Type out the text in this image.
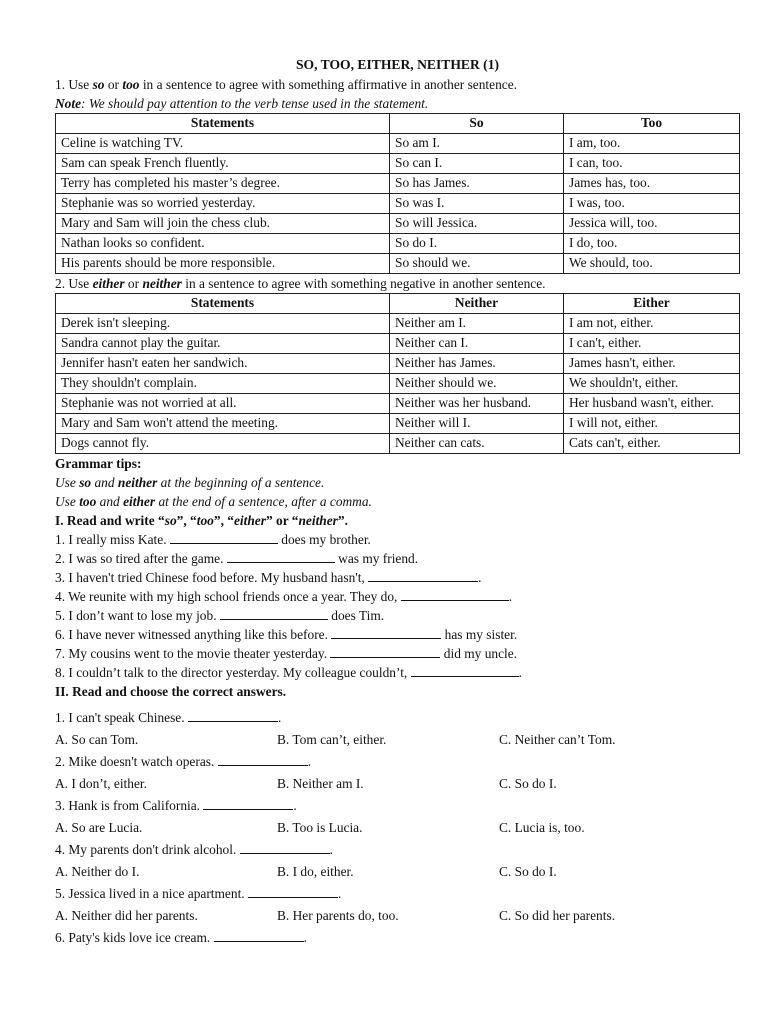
SO, TOO, EITHER, NEITHER (1)

1. Use so or too in a sentence to agree with something affirmative in another sentence.

Note: We should pay attention to the verb tense used in the statement.

Statements	So	Too
Celine is watching TV.	So am I.	I am, too.
Sam can speak French fluently.	So can I.	I can, too.
Terry has completed his master’s degree.	So has James.	James has, too.
Stephanie was so worried yesterday.	So was I.	I was, too.
Mary and Sam will join the chess club.	So will Jessica.	Jessica will, too.
Nathan looks so confident.	So do I.	I do, too.
His parents should be more responsible.	So should we.	We should, too.

2. Use either or neither in a sentence to agree with something negative in another sentence.

Statements	Neither	Either
Derek isn't sleeping.	Neither am I.	I am not, either.
Sandra cannot play the guitar.	Neither can I.	I can't, either.
Jennifer hasn't eaten her sandwich.	Neither has James.	James hasn't, either.
They shouldn't complain.	Neither should we.	We shouldn't, either.
Stephanie was not worried at all.	Neither was her husband.	Her husband wasn't, either.
Mary and Sam won't attend the meeting.	Neither will I.	I will not, either.
Dogs cannot fly.	Neither can cats.	Cats can't, either.

Grammar tips:

Use so and neither at the beginning of a sentence.

Use too and either at the end of a sentence, after a comma.

I. Read and write “so”, “too”, “either” or “neither”.

1. I really miss Kate.	does my brother.

2. I was so tired after the game.	was my friend.

3. I haven't tried Chinese food before. My husband hasn't,	.

4. We reunite with my high school friends once a year. They do,	.

5. I don’t want to lose my job.	does Tim.

6. I have never witnessed anything like this before.	has my sister.

7. My cousins went to the movie theater yesterday.	did my uncle.

8. I couldn’t talk to the director yesterday. My colleague couldn’t,	.

II. Read and choose the correct answers.

1. I can't speak Chinese.	.

A. So can Tom.	B. Tom can’t, either.	C. Neither can’t Tom.

2. Mike doesn't watch operas.	.

A. I don’t, either.	B. Neither am I.	C. So do I.

3. Hank is from California.	.

A. So are Lucia.	B. Too is Lucia.	C. Lucia is, too.

4. My parents don't drink alcohol.	.

A. Neither do I.	B. I do, either.	C. So do I.

5. Jessica lived in a nice apartment.	.

A. Neither did her parents.	B. Her parents do, too.	C. So did her parents.

6. Paty's kids love ice cream.	.
